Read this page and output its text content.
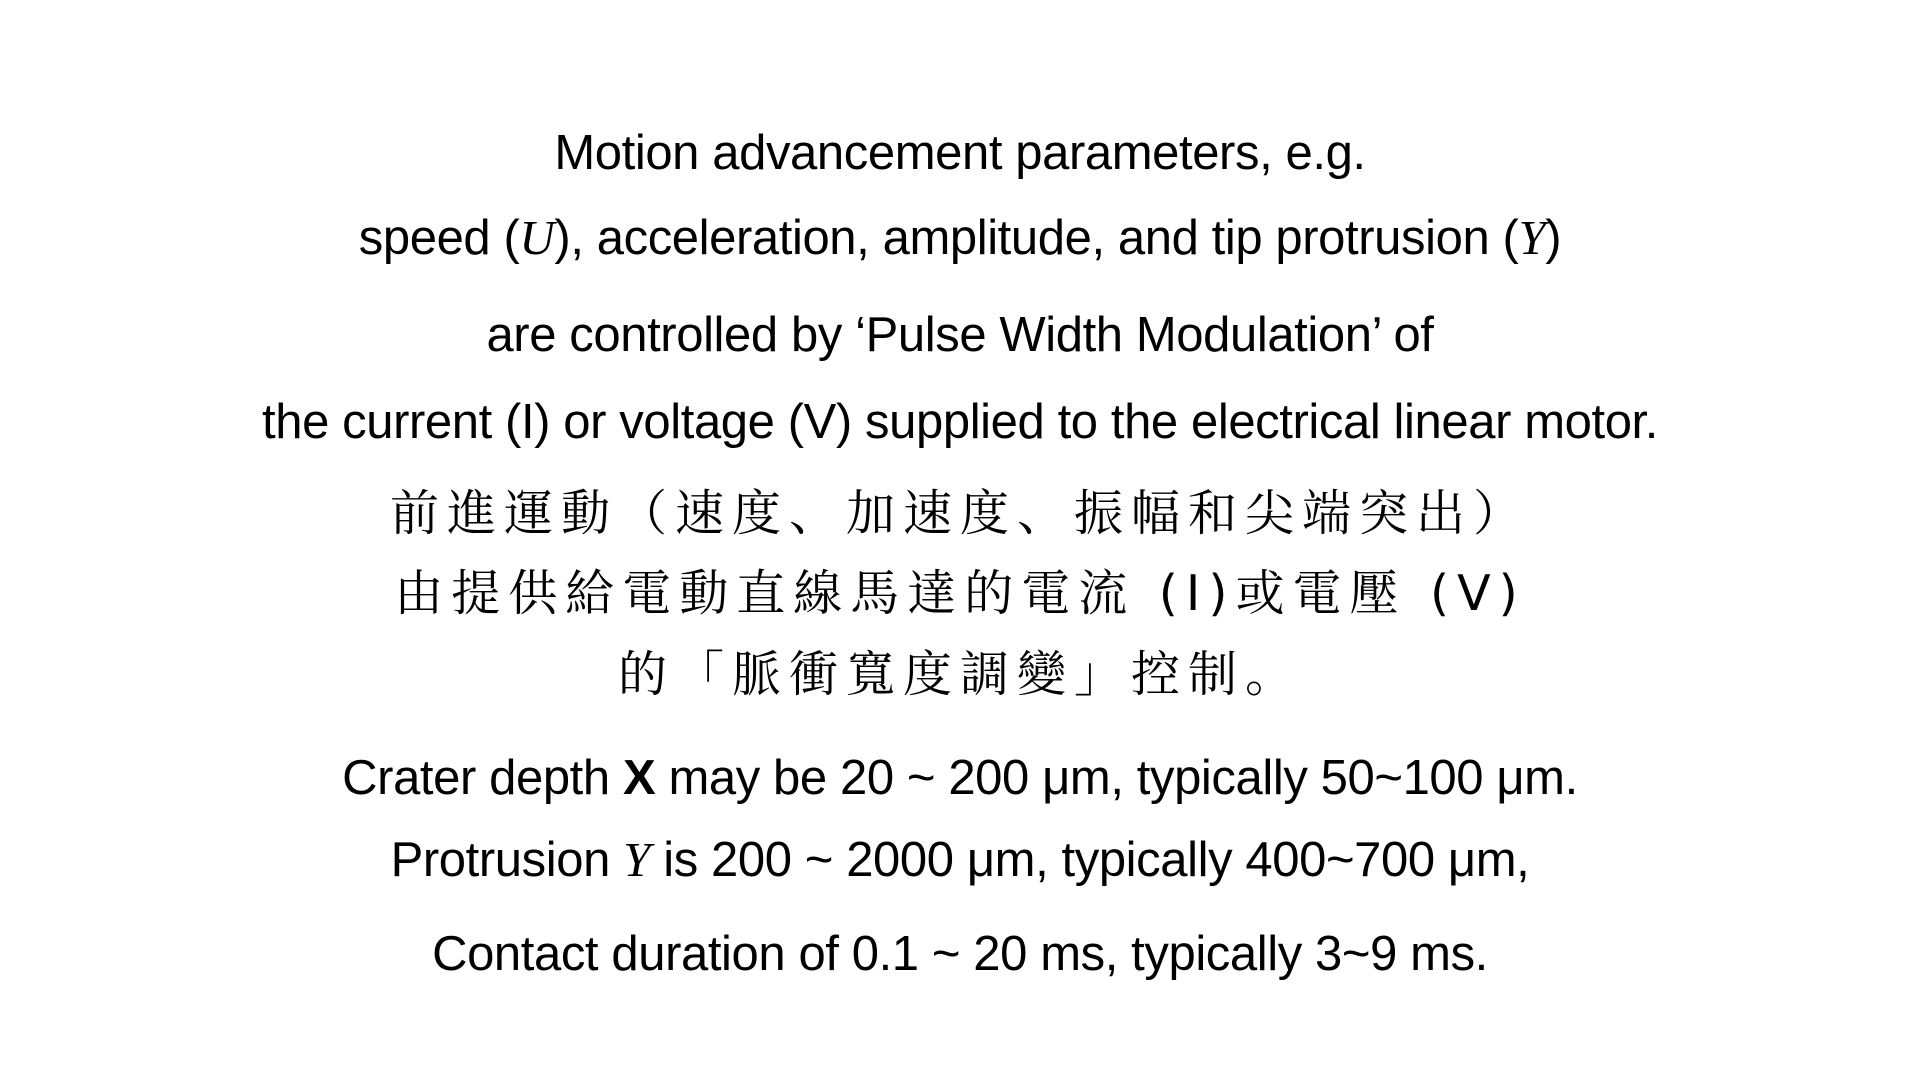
Motion advancement parameters, e.g.
speed (U), acceleration, amplitude, and tip protrusion (Y)
are controlled by ‘Pulse Width Modulation’ of
the current (I) or voltage (V) supplied to the electrical linear motor.
前進運動（速度、加速度、振幅和尖端突出）
由提供給電動直線馬達的電流 (I)或電壓 (V)
的「脈衝寬度調變」控制。
Crater depth X may be 20 ~ 200 μm, typically 50~100 μm.
Protrusion Y is 200 ~ 2000 μm, typically 400~700 μm,
Contact duration of 0.1 ~ 20 ms, typically 3~9 ms.
